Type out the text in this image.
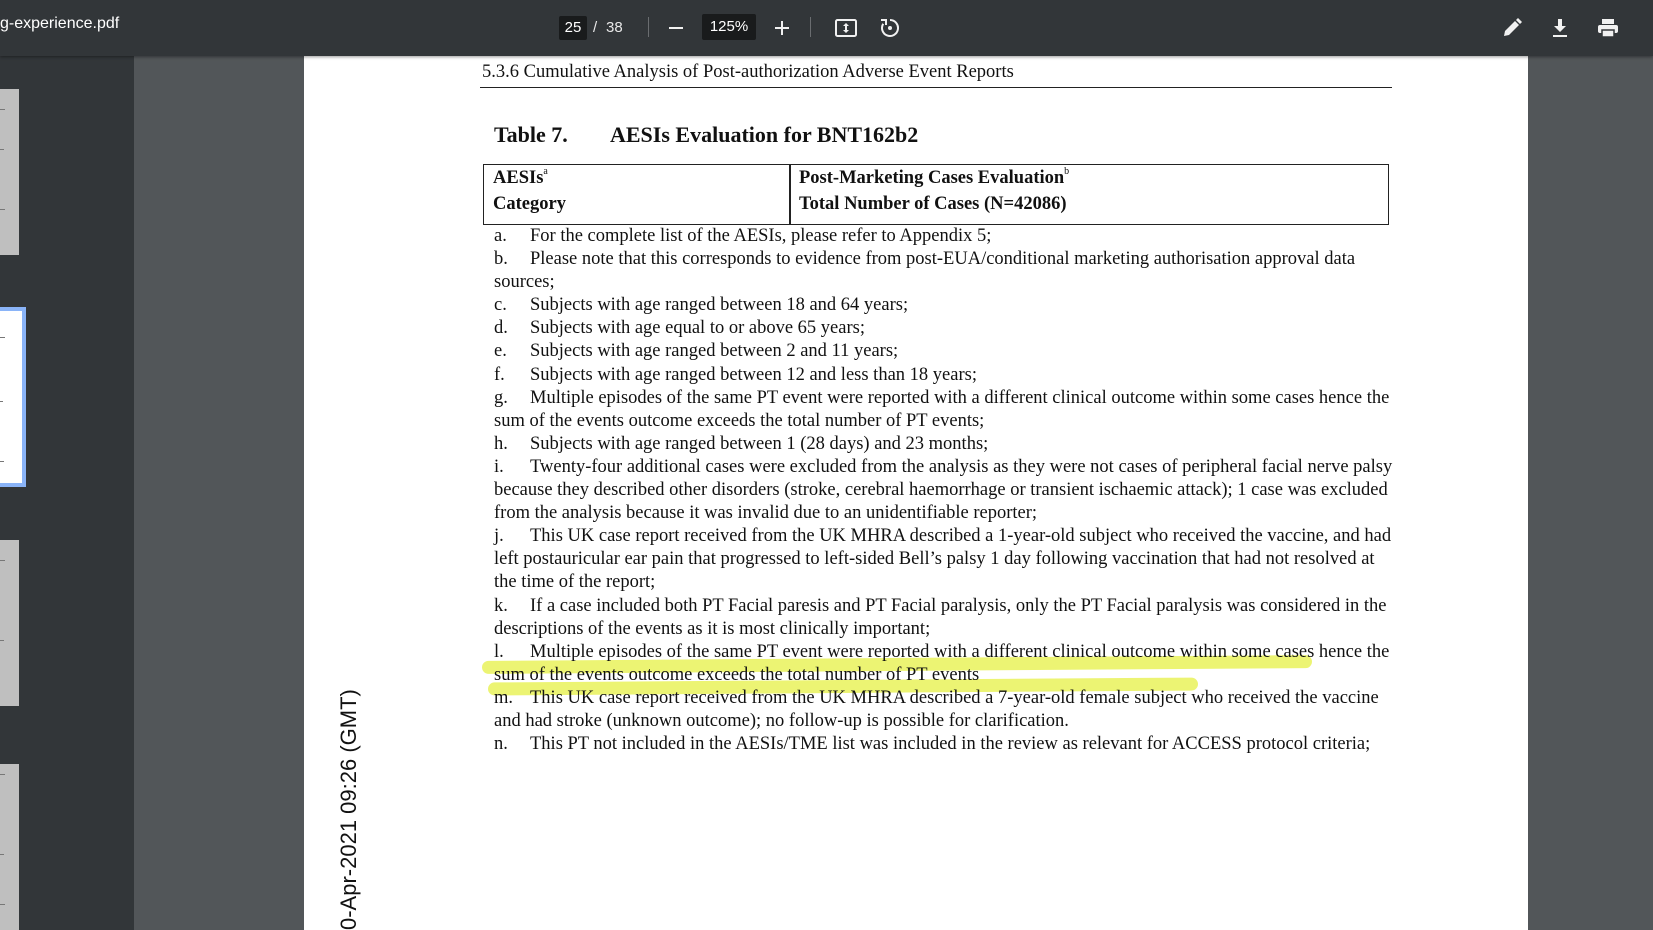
g-experience.pdf	25 / 38	125%
5.3.6 Cumulative Analysis of Post-authorization Adverse Event Reports
Table 7. AESIs Evaluation for BNT162b2
AESIs$^a$
Category
Post-Marketing Cases Evaluation$^b$
Total Number of Cases (N=42086)
a. For the complete list of the AESIs, please refer to Appendix 5;
b. Please note that this corresponds to evidence from post-EUA/conditional marketing authorisation approval data sources;
c. Subjects with age ranged between 18 and 64 years;
d. Subjects with age equal to or above 65 years;
e. Subjects with age ranged between 2 and 11 years;
f. Subjects with age ranged between 12 and less than 18 years;
g. Multiple episodes of the same PT event were reported with a different clinical outcome within some cases hence the sum of the events outcome exceeds the total number of PT events;
h. Subjects with age ranged between 1 (28 days) and 23 months;
i. Twenty-four additional cases were excluded from the analysis as they were not cases of peripheral facial nerve palsy because they described other disorders (stroke, cerebral haemorrhage or transient ischaemic attack); 1 case was excluded from the analysis because it was invalid due to an unidentifiable reporter;
j. This UK case report received from the UK MHRA described a 1-year-old subject who received the vaccine, and had left postauricular ear pain that progressed to left-sided Bell’s palsy 1 day following vaccination that had not resolved at the time of the report;
k. If a case included both PT Facial paresis and PT Facial paralysis, only the PT Facial paralysis was considered in the descriptions of the events as it is most clinically important;
l. Multiple episodes of the same PT event were reported with a different clinical outcome within some cases hence the sum of the events outcome exceeds the total number of PT events
m. This UK case report received from the UK MHRA described a 7-year-old female subject who received the vaccine and had stroke (unknown outcome); no follow-up is possible for clarification.
n. This PT not included in the AESIs/TME list was included in the review as relevant for ACCESS protocol criteria;
0-Apr-2021 09:26 (GMT)
